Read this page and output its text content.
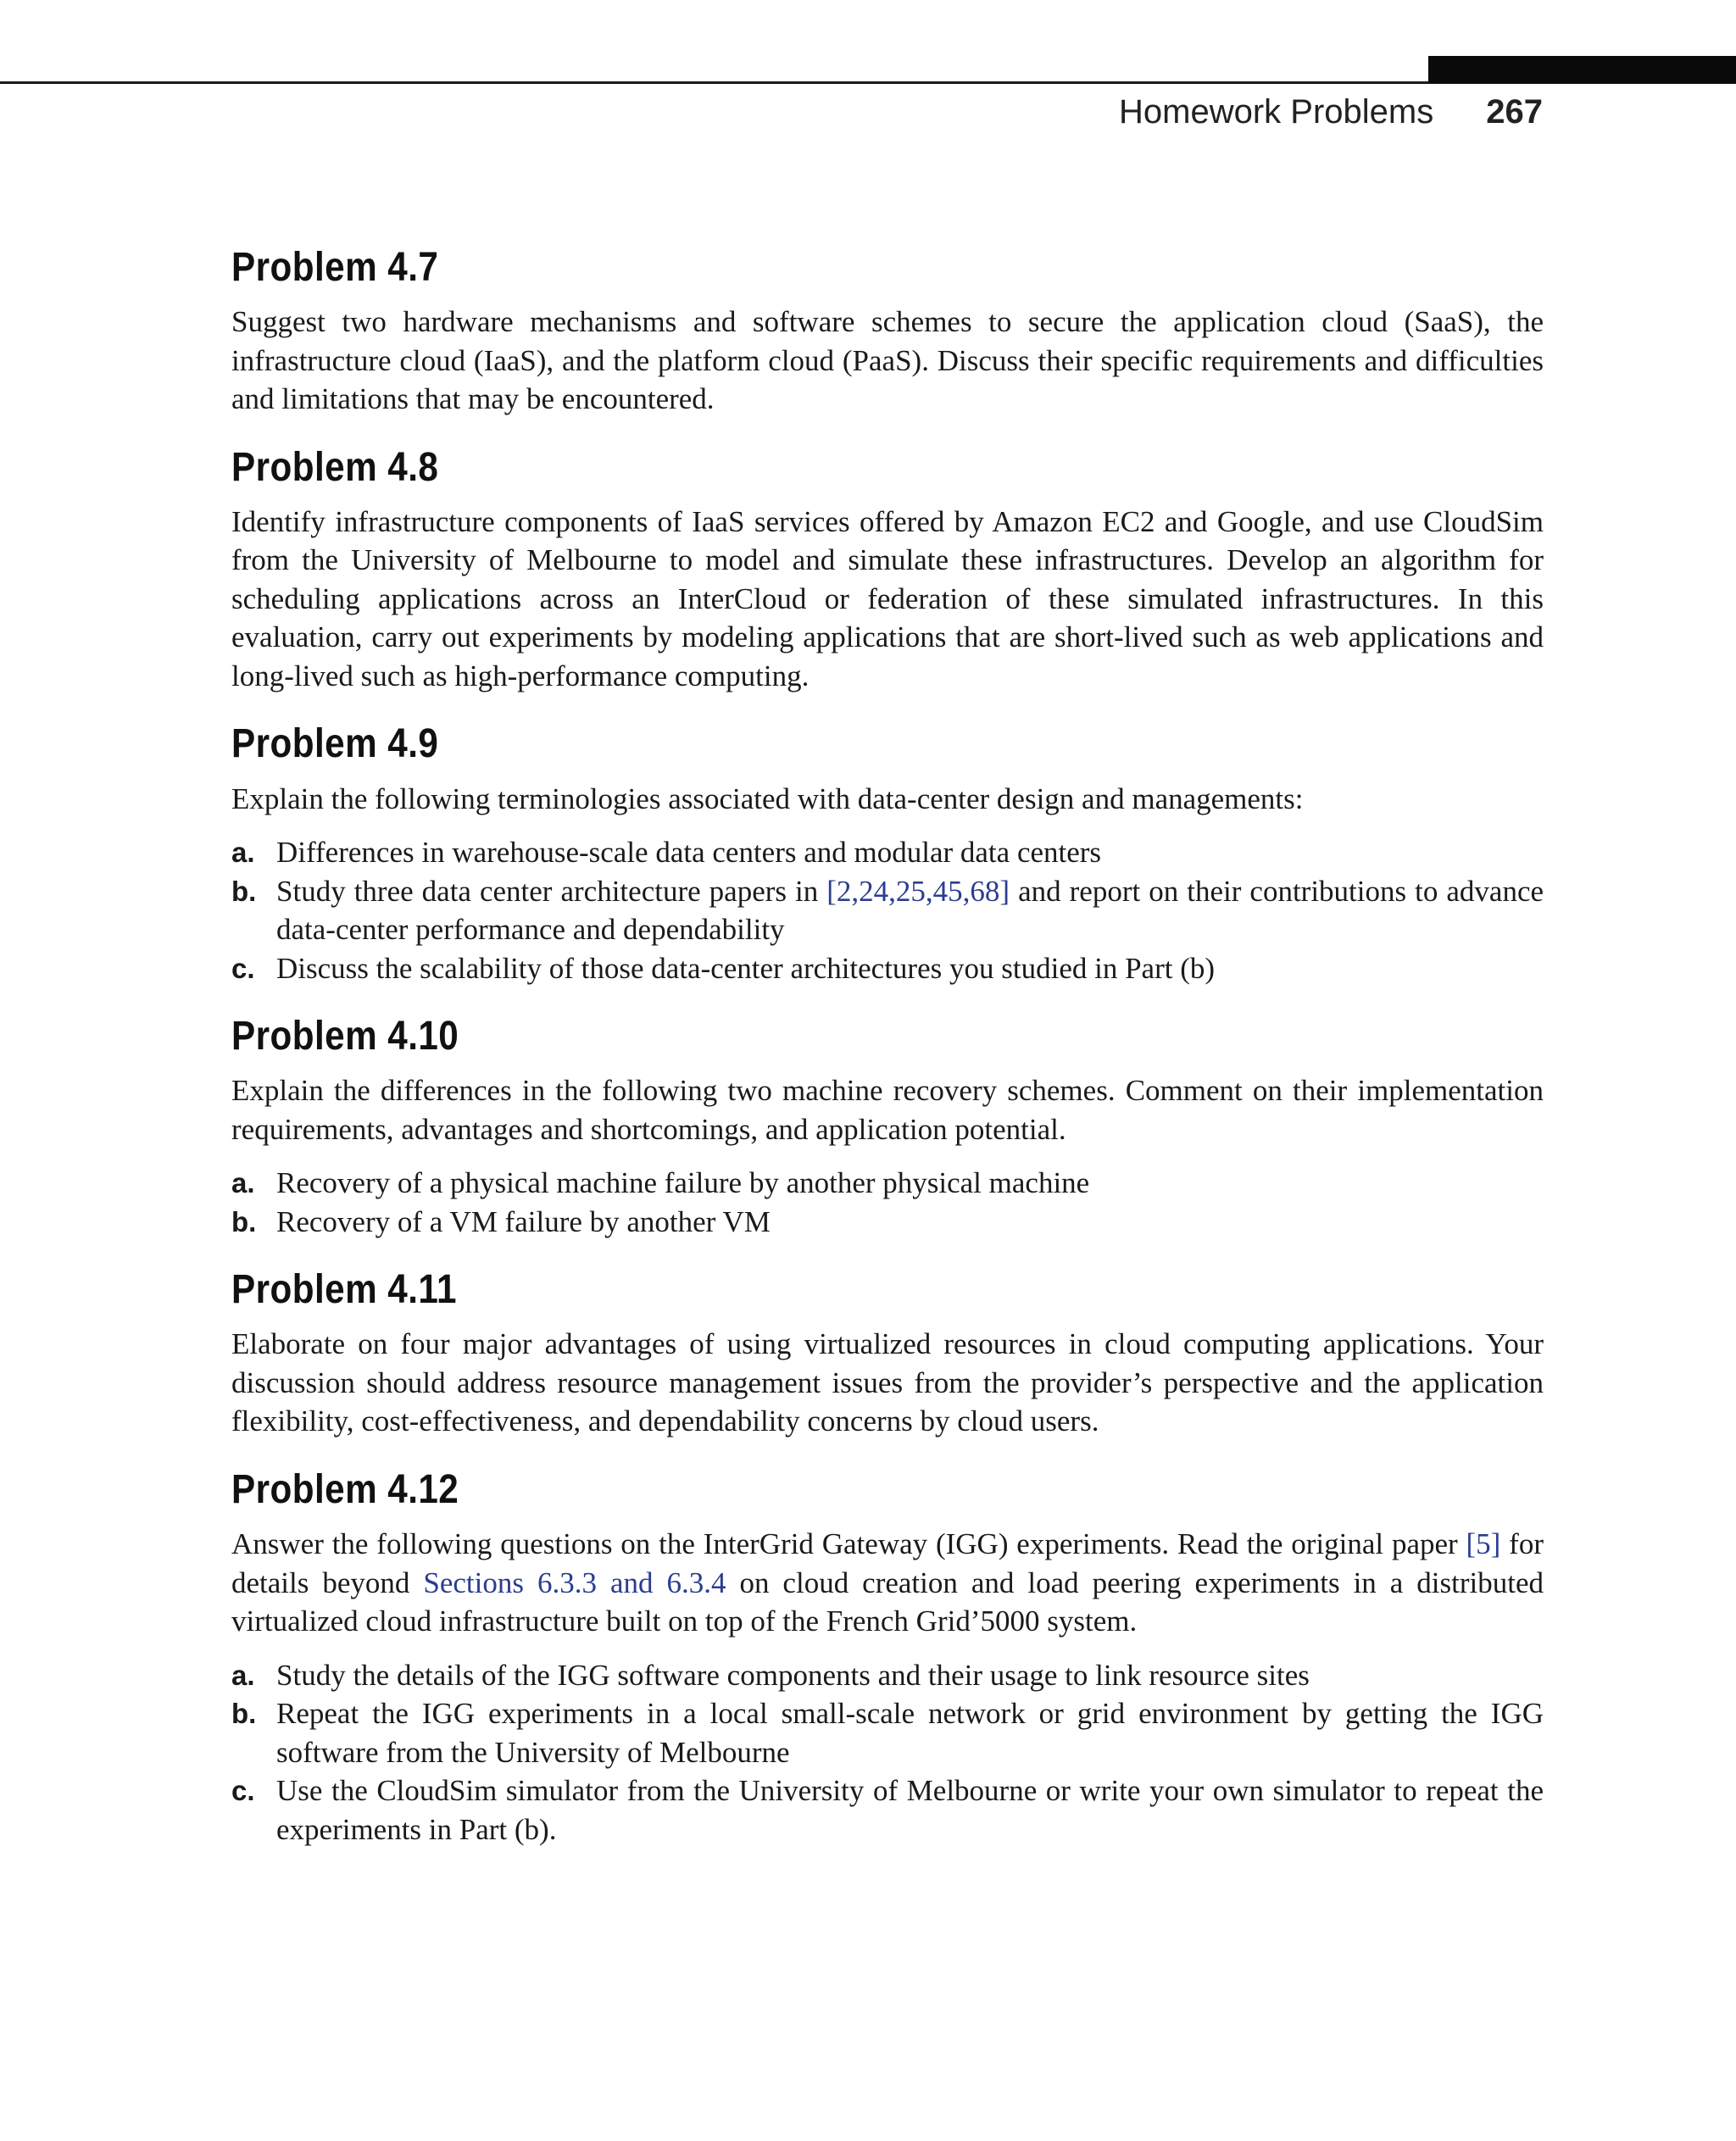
Homework Problems 267
Problem 4.7

Suggest two hardware mechanisms and software schemes to secure the application cloud (SaaS), the infrastructure cloud (IaaS), and the platform cloud (PaaS). Discuss their specific requirements and difficulties and limitations that may be encountered.

Problem 4.8

Identify infrastructure components of IaaS services offered by Amazon EC2 and Google, and use CloudSim from the University of Melbourne to model and simulate these infrastructures. Develop an algorithm for scheduling applications across an InterCloud or federation of these simulated infrastructures. In this evaluation, carry out experiments by modeling applications that are short-lived such as web applications and long-lived such as high-performance computing.

Problem 4.9

Explain the following terminologies associated with data-center design and managements:

a. Differences in warehouse-scale data centers and modular data centers
b. Study three data center architecture papers in [2,24,25,45,68] and report on their contributions to advance data-center performance and dependability
c. Discuss the scalability of those data-center architectures you studied in Part (b)
Problem 4.10

Explain the differences in the following two machine recovery schemes. Comment on their implementation requirements, advantages and shortcomings, and application potential.

a. Recovery of a physical machine failure by another physical machine
b. Recovery of a VM failure by another VM
Problem 4.11

Elaborate on four major advantages of using virtualized resources in cloud computing applications. Your discussion should address resource management issues from the provider’s perspective and the application flexibility, cost-effectiveness, and dependability concerns by cloud users.

Problem 4.12

Answer the following questions on the InterGrid Gateway (IGG) experiments. Read the original paper [5] for details beyond Sections 6.3.3 and 6.3.4 on cloud creation and load peering experiments in a distributed virtualized cloud infrastructure built on top of the French Grid’5000 system.

a. Study the details of the IGG software components and their usage to link resource sites
b. Repeat the IGG experiments in a local small-scale network or grid environment by getting the IGG software from the University of Melbourne
c. Use the CloudSim simulator from the University of Melbourne or write your own simulator to repeat the experiments in Part (b).
